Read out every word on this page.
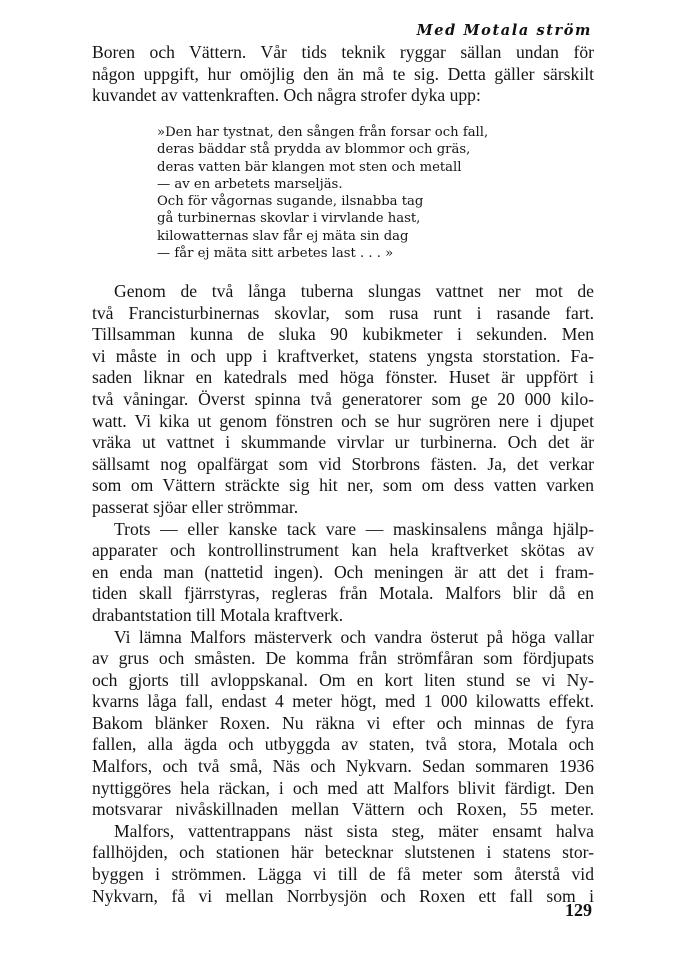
Med Motala ström
Boren och Vättern. Vår tids teknik ryggar sällan undan för
någon uppgift, hur omöjlig den än må te sig. Detta gäller särskilt
kuvandet av vattenkraften. Och några strofer dyka upp:
»Den har tystnat, den sången från forsar och fall,
deras bäddar stå prydda av blommor och gräs,
deras vatten bär klangen mot sten och metall
— av en arbetets marseljäs.
Och för vågornas sugande, ilsnabba tag
gå turbinernas skovlar i virvlande hast,
kilowatternas slav får ej mäta sin dag
— får ej mäta sitt arbetes last . . . »
Genom de två långa tuberna slungas vattnet ner mot de
två Francisturbinernas skovlar, som rusa runt i rasande fart.
Tillsamman kunna de sluka 90 kubikmeter i sekunden. Men
vi måste in och upp i kraftverket, statens yngsta storstation. Fa-
saden liknar en katedrals med höga fönster. Huset är uppfört i
två våningar. Överst spinna två generatorer som ge 20 000 kilo-
watt. Vi kika ut genom fönstren och se hur sugrören nere i djupet
vräka ut vattnet i skummande virvlar ur turbinerna. Och det är
sällsamt nog opalfärgat som vid Storbrons fästen. Ja, det verkar
som om Vättern sträckte sig hit ner, som om dess vatten varken
passerat sjöar eller strömmar.
Trots — eller kanske tack vare — maskinsalens många hjälp-
apparater och kontrollinstrument kan hela kraftverket skötas av
en enda man (nattetid ingen). Och meningen är att det i fram-
tiden skall fjärrstyras, regleras från Motala. Malfors blir då en
drabantstation till Motala kraftverk.
Vi lämna Malfors mästerverk och vandra österut på höga vallar
av grus och småsten. De komma från strömfåran som fördjupats
och gjorts till avloppskanal. Om en kort liten stund se vi Ny-
kvarns låga fall, endast 4 meter högt, med 1 000 kilowatts effekt.
Bakom blänker Roxen. Nu räkna vi efter och minnas de fyra
fallen, alla ägda och utbyggda av staten, två stora, Motala och
Malfors, och två små, Näs och Nykvarn. Sedan sommaren 1936
nyttiggöres hela räckan, i och med att Malfors blivit färdigt. Den
motsvarar nivåskillnaden mellan Vättern och Roxen, 55 meter.
Malfors, vattentrappans näst sista steg, mäter ensamt halva
fallhöjden, och stationen här betecknar slutstenen i statens stor-
byggen i strömmen. Lägga vi till de få meter som återstå vid
Nykvarn, få vi mellan Norrbysjön och Roxen ett fall som i
129
